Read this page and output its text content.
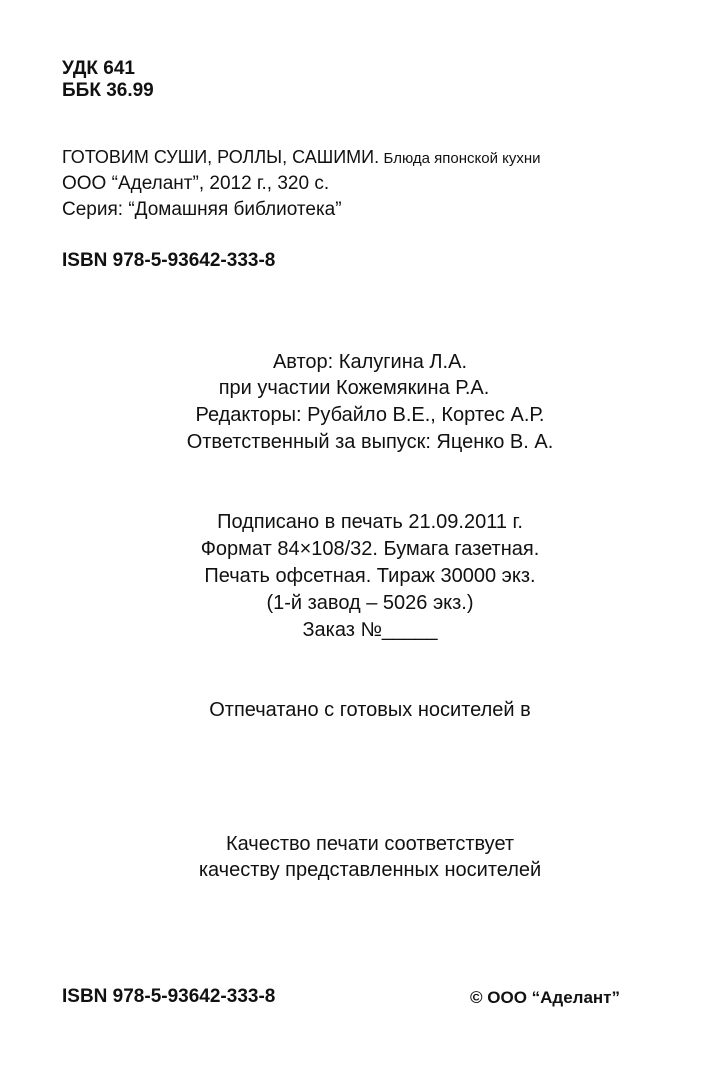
УДК 641
ББК 36.99
ГОТОВИМ СУШИ, РОЛЛЫ, САШИМИ. Блюда японской кухни
ООО “Аделант”, 2012 г., 320 с.
Серия: “Домашняя библиотека”
ISBN 978-5-93642-333-8
Автор: Калугина Л.А.
при участии Кожемякина Р.А.
Редакторы: Рубайло В.Е., Кортес А.Р.
Ответственный за выпуск: Яценко В. А.
Подписано в печать 21.09.2011 г.
Формат 84×108/32. Бумага газетная.
Печать офсетная. Тираж 30000 экз.
(1-й завод – 5026 экз.)
Заказ №_____
Отпечатано с готовых носителей в
Качество печати соответствует
качеству представленных носителей
ISBN 978-5-93642-333-8	© ООО “Аделант”
